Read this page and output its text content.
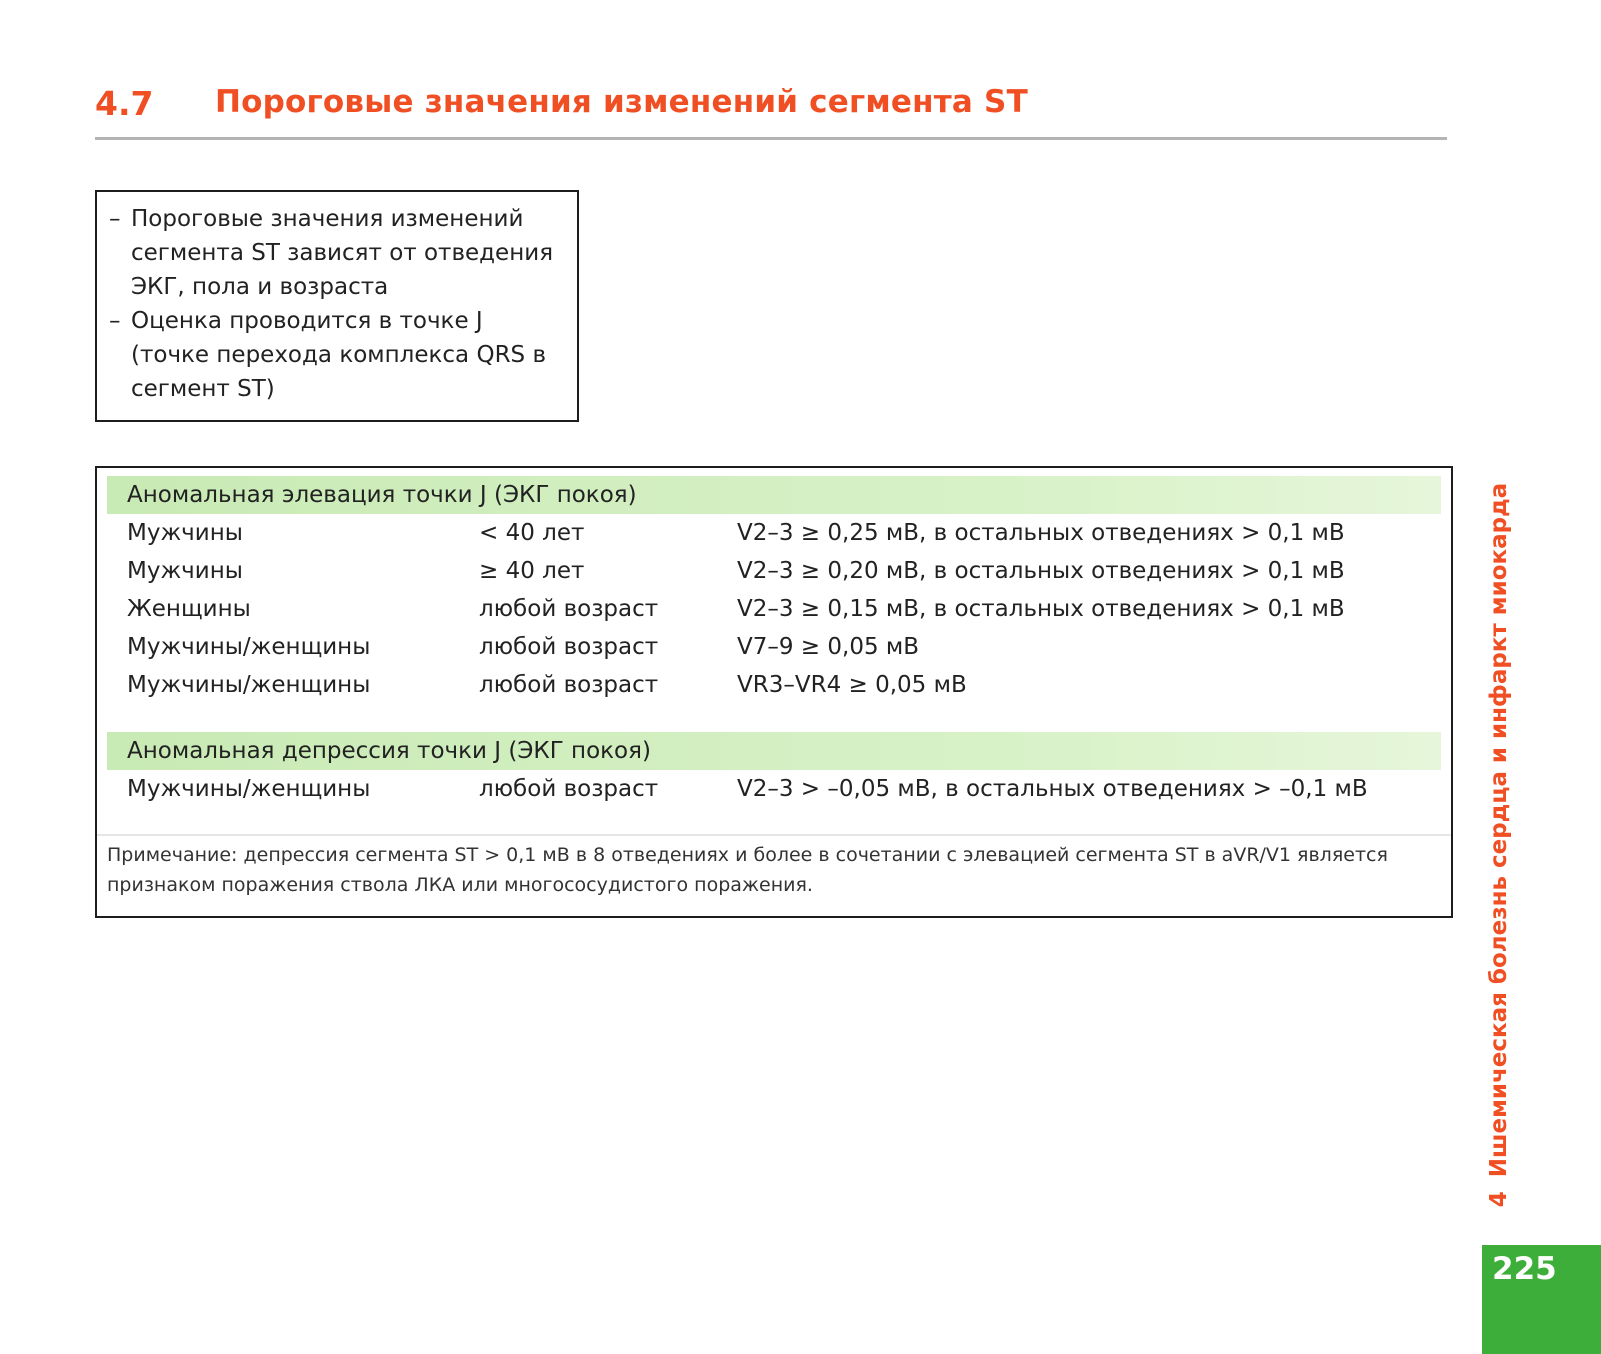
4.7 Пороговые значения изменений сегмента ST
– Пороговые значения изменений сегмента ST зависят от отведения ЭКГ, пола и возраста
– Оценка проводится в точке J (точке перехода комплекса QRS в сегмент ST)
Аномальная элевация точки J (ЭКГ покоя)
Мужчины	< 40 лет	V2–3 ≥ 0,25 мВ, в остальных отведениях > 0,1 мВ
Мужчины	≥ 40 лет	V2–3 ≥ 0,20 мВ, в остальных отведениях > 0,1 мВ
Женщины	любой возраст	V2–3 ≥ 0,15 мВ, в остальных отведениях > 0,1 мВ
Мужчины/женщины	любой возраст	V7–9 ≥ 0,05 мВ
Мужчины/женщины	любой возраст	VR3–VR4 ≥ 0,05 мВ
Аномальная депрессия точки J (ЭКГ покоя)
Мужчины/женщины	любой возраст	V2–3 > –0,05 мВ, в остальных отведениях > –0,1 мВ
Примечание: депрессия сегмента ST > 0,1 мВ в 8 отведениях и более в сочетании с элевацией сегмента ST в aVR/V1 является признаком поражения ствола ЛКА или многососудистого поражения.
4Ишемическая болезнь сердца и инфаркт миокарда
225
